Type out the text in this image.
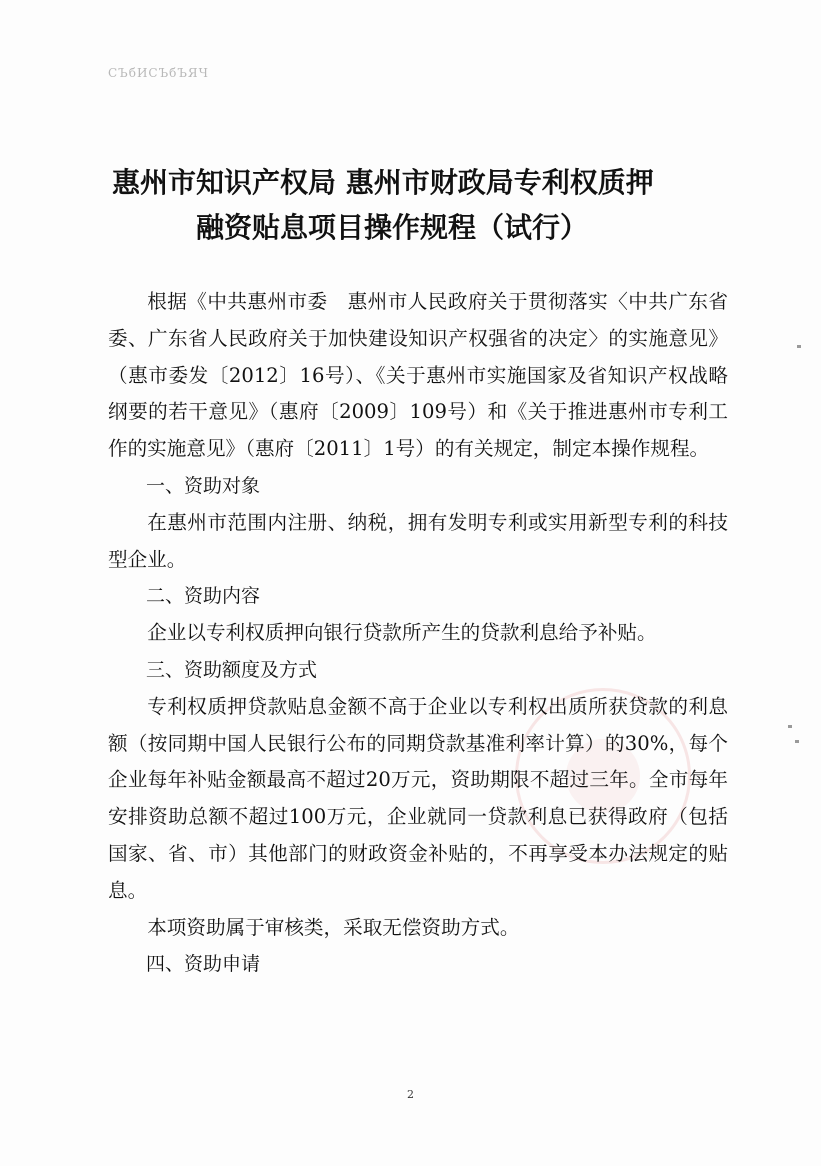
СЪбИСЪбЪЯЧ
惠州市知识产权局 惠州市财政局专利权质押
融资贴息项目操作规程（试行）

根据《中共惠州市委　惠州市人民政府关于贯彻落实〈中共广东省委、广东省人民政府关于加快建设知识产权强省的决定〉的实施意见》（惠市委发〔2012〕16号）、《关于惠州市实施国家及省知识产权战略纲要的若干意见》（惠府〔2009〕109号）和《关于推进惠州市专利工作的实施意见》（惠府〔2011〕1号）的有关规定，制定本操作规程。

一、资助对象

在惠州市范围内注册、纳税，拥有发明专利或实用新型专利的科技型企业。

二、资助内容

企业以专利权质押向银行贷款所产生的贷款利息给予补贴。

三、资助额度及方式

专利权质押贷款贴息金额不高于企业以专利权出质所获贷款的利息额（按同期中国人民银行公布的同期贷款基准利率计算）的30%，每个企业每年补贴金额最高不超过20万元，资助期限不超过三年。全市每年安排资助总额不超过100万元，企业就同一贷款利息已获得政府（包括国家、省、市）其他部门的财政资金补贴的，不再享受本办法规定的贴息。

本项资助属于审核类，采取无偿资助方式。

四、资助申请

2
